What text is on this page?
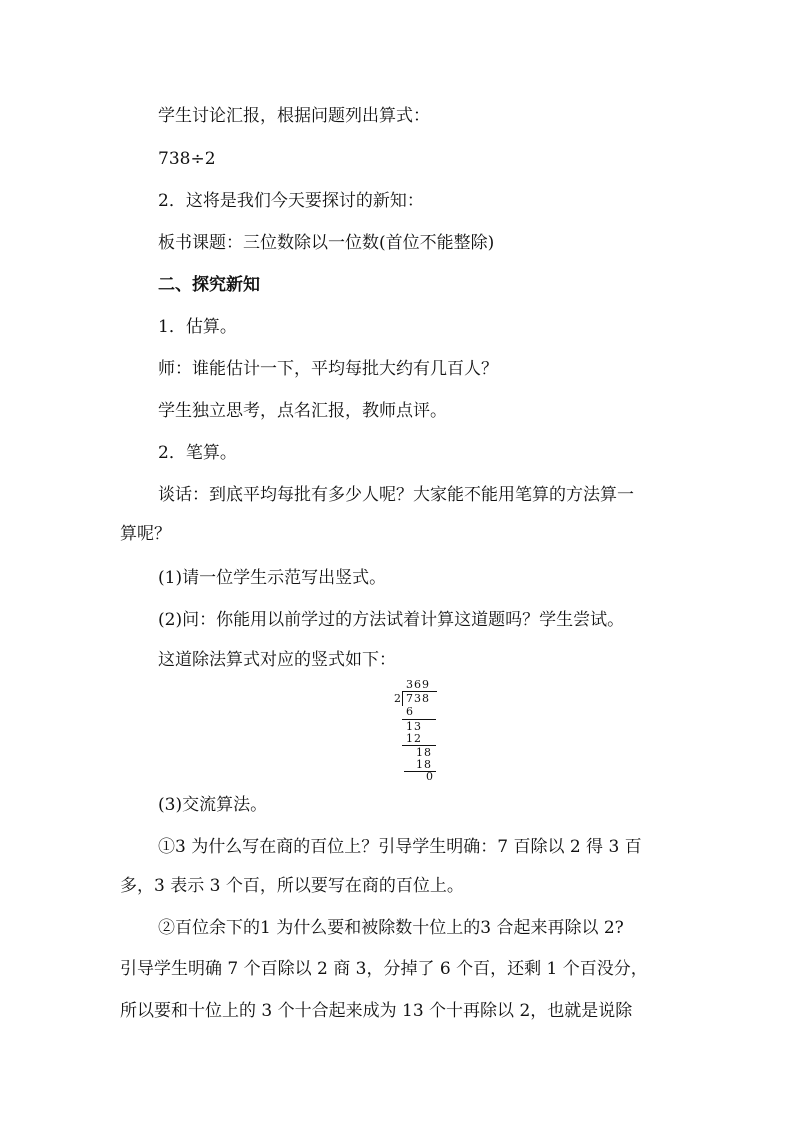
学生讨论汇报，根据问题列出算式：
738÷2
2．这将是我们今天要探讨的新知：
板书课题：三位数除以一位数(首位不能整除)
二、探究新知
1．估算。
师：谁能估计一下，平均每批大约有几百人？
学生独立思考，点名汇报，教师点评。
2．笔算。
谈话：到底平均每批有多少人呢？大家能不能用笔算的方法算一
算呢？
(1)请一位学生示范写出竖式。
(2)问：你能用以前学过的方法试着计算这道题吗？学生尝试。
这道除法算式对应的竖式如下：
369
2 738
6
13
12
18
18
0
(3)交流算法。
①3 为什么写在商的百位上？引导学生明确：7 百除以 2 得 3 百
多，3 表示 3 个百，所以要写在商的百位上。
②百位余下的1 为什么要和被除数十位上的3 合起来再除以 2?
引导学生明确 7 个百除以 2 商 3，分掉了 6 个百，还剩 1 个百没分，
所以要和十位上的 3 个十合起来成为 13 个十再除以 2，也就是说除
